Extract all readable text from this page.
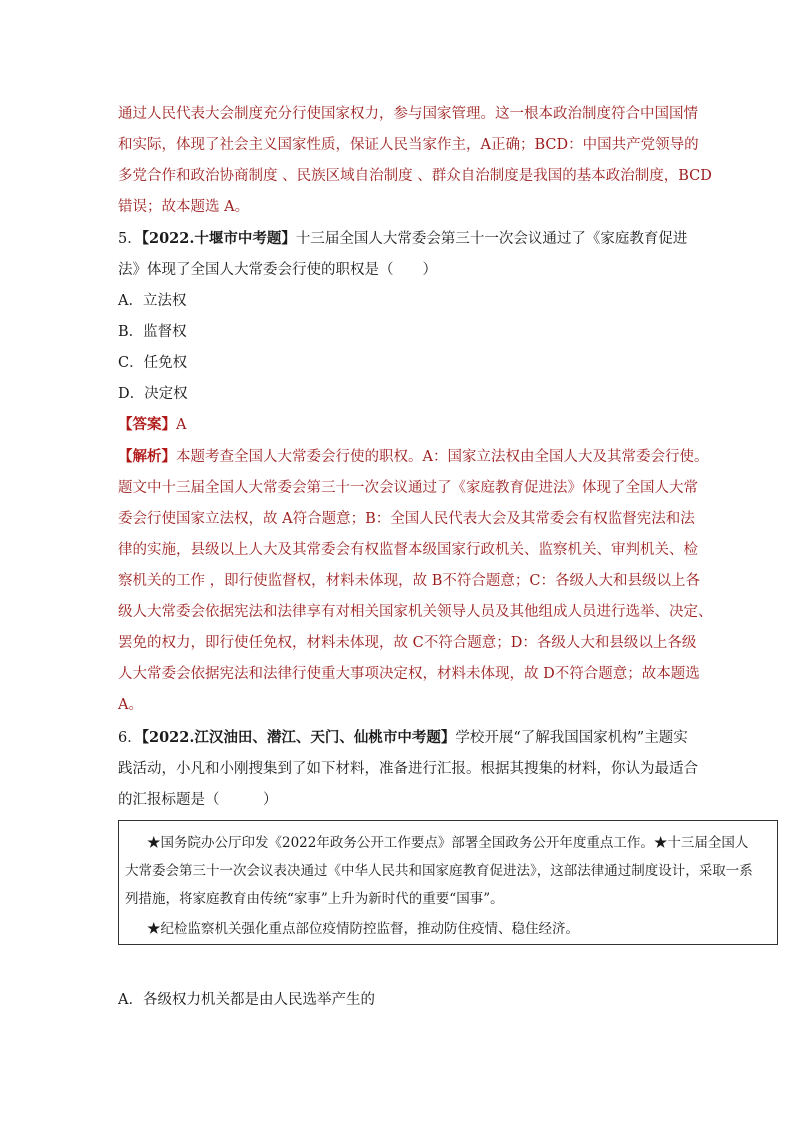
通过人民代表大会制度充分行使国家权力，参与国家管理。这一根本政治制度符合中国国情
和实际，体现了社会主义国家性质，保证人民当家作主，A正确；BCD：中国共产党领导的
多党合作和政治协商制度 、民族区域自治制度 、群众自治制度是我国的基本政治制度，BCD
错误；故本题选 A。
5．【2022.十堰市中考题】十三届全国人大常委会第三十一次会议通过了《家庭教育促进
法》体现了全国人大常委会行使的职权是（　　）
A．立法权
B．监督权
C．任免权
D．决定权
【答案】A
【解析】本题考查全国人大常委会行使的职权。A：国家立法权由全国人大及其常委会行使。
题文中十三届全国人大常委会第三十一次会议通过了《家庭教育促进法》体现了全国人大常
委会行使国家立法权，故 A符合题意；B：全国人民代表大会及其常委会有权监督宪法和法
律的实施，县级以上人大及其常委会有权监督本级国家行政机关、监察机关、审判机关、检
察机关的工作 ，即行使监督权，材料未体现，故 B不符合题意；C：各级人大和县级以上各
级人大常委会依据宪法和法律享有对相关国家机关领导人员及其他组成人员进行选举、决定、
罢免的权力，即行使任免权，材料未体现，故 C不符合题意；D：各级人大和县级以上各级
人大常委会依据宪法和法律行使重大事项决定权，材料未体现，故 D不符合题意；故本题选
A。
6．【2022.江汉油田、潜江、天门、仙桃市中考题】学校开展“了解我国国家机构”主题实
践活动，小凡和小刚搜集到了如下材料，准备进行汇报。根据其搜集的材料，你认为最适合
的汇报标题是（　　　）
★国务院办公厅印发《2022年政务公开工作要点》部署全国政务公开年度重点工作。★十三届全国人
大常委会第三十一次会议表决通过《中华人民共和国家庭教育促进法》，这部法律通过制度设计，采取一系
列措施，将家庭教育由传统“家事”上升为新时代的重要“国事”。
★纪检监察机关强化重点部位疫情防控监督，推动防住疫情、稳住经济。
A．各级权力机关都是由人民选举产生的
